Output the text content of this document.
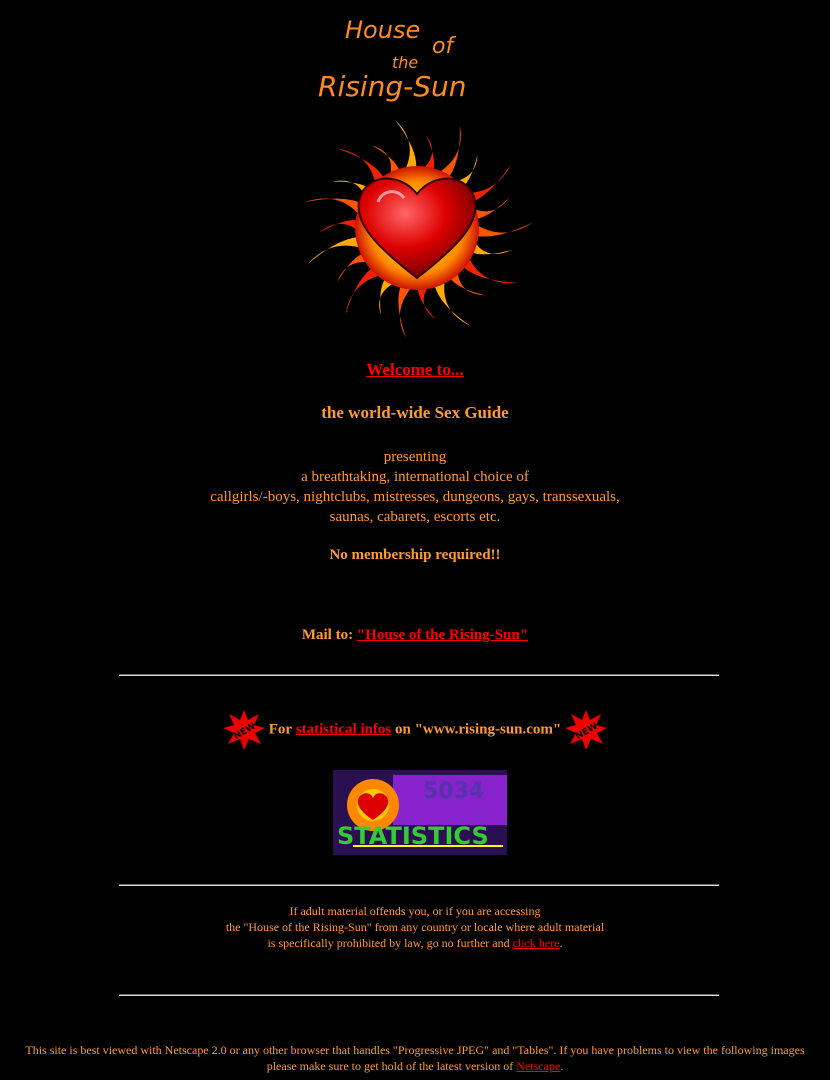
House
of
the
Rising-Sun
Welcome to...
the world-wide Sex Guide
presenting
a breathtaking, international choice of
callgirls/-boys, nightclubs, mistresses, dungeons, gays, transsexuals,
saunas, cabarets, escorts etc.
No membership required!!
Mail to: "House of the Rising-Sun"
NEW For statistical infos on "www.rising-sun.com" NEW
5034
STATISTICS
If adult material offends you, or if you are accessing
the "House of the Rising-Sun" from any country or locale where adult material
is specifically prohibited by law, go no further and click here.
This site is best viewed with Netscape 2.0 or any other browser that handles "Progressive JPEG" and "Tables". If you have problems to view the following images please make sure to get hold of the latest version of Netscape.
